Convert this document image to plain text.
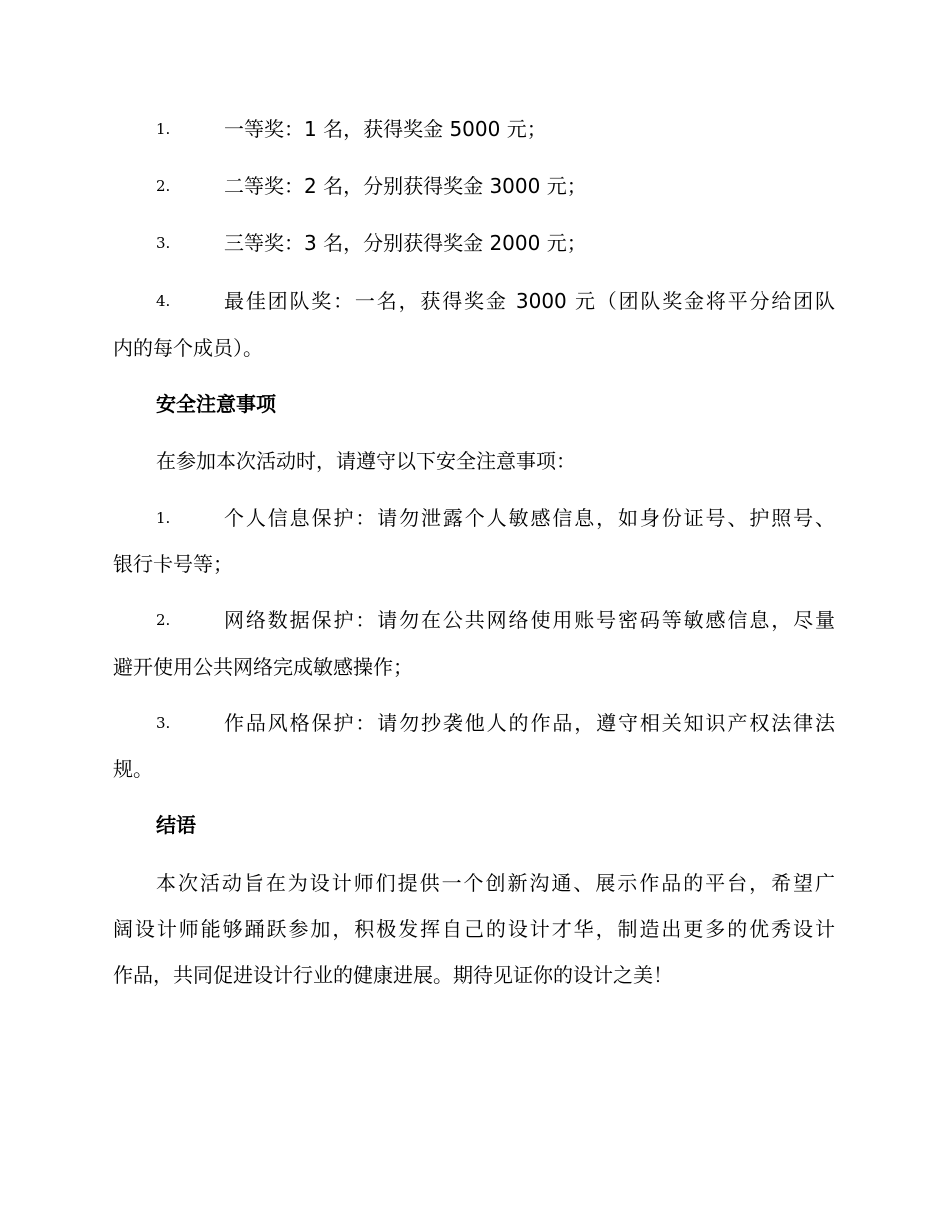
1.	一等奖：1 名，获得奖金 5000 元；
2.	二等奖：2 名，分别获得奖金 3000 元；
3.	三等奖：3 名，分别获得奖金 2000 元；
4.	最佳团队奖：一名，获得奖金 3000 元（团队奖金将平分给团队
内的每个成员）。
安全注意事项
在参加本次活动时，请遵守以下安全注意事项：
1.	个人信息保护：请勿泄露个人敏感信息，如身份证号、护照号、
银行卡号等；
2.	网络数据保护：请勿在公共网络使用账号密码等敏感信息，尽量
避开使用公共网络完成敏感操作；
3.	作品风格保护：请勿抄袭他人的作品，遵守相关知识产权法律法
规。
结语
本次活动旨在为设计师们提供一个创新沟通、展示作品的平台，希望广
阔设计师能够踊跃参加，积极发挥自己的设计才华，制造出更多的优秀设计
作品，共同促进设计行业的健康进展。期待见证你的设计之美！
